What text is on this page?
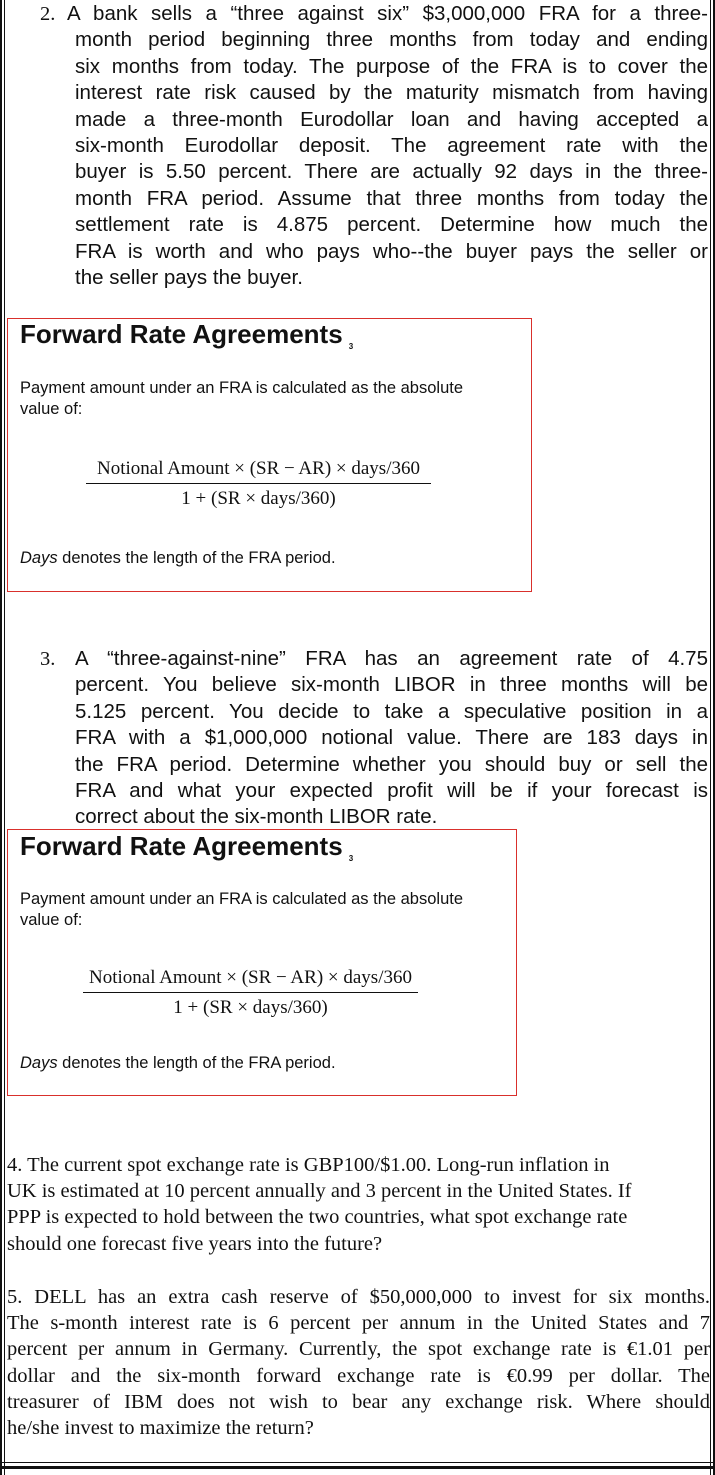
2. A bank sells a “three against six” $3,000,000 FRA for a three-
month period beginning three months from today and ending
six months from today. The purpose of the FRA is to cover the
interest rate risk caused by the maturity mismatch from having
made a three-month Eurodollar loan and having accepted a
six-month Eurodollar deposit. The agreement rate with the
buyer is 5.50 percent. There are actually 92 days in the three-
month FRA period. Assume that three months from today the
settlement rate is 4.875 percent. Determine how much the
FRA is worth and who pays who--the buyer pays the seller or
the seller pays the buyer.
Forward Rate Agreements $_3$
Payment amount under an FRA is calculated as the absolute
value of:
Notional Amount × (SR − AR) × days/360
1 + (SR × days/360)
Days denotes the length of the FRA period.
3. A “three-against-nine” FRA has an agreement rate of 4.75
percent. You believe six-month LIBOR in three months will be
5.125 percent. You decide to take a speculative position in a
FRA with a $1,000,000 notional value. There are 183 days in
the FRA period. Determine whether you should buy or sell the
FRA and what your expected profit will be if your forecast is
correct about the six-month LIBOR rate.
Forward Rate Agreements $_3$
Payment amount under an FRA is calculated as the absolute
value of:
Notional Amount × (SR − AR) × days/360
1 + (SR × days/360)
Days denotes the length of the FRA period.
4. The current spot exchange rate is GBP100/$1.00. Long-run inflation in
UK is estimated at 10 percent annually and 3 percent in the United States. If
PPP is expected to hold between the two countries, what spot exchange rate
should one forecast five years into the future?
5. DELL has an extra cash reserve of $50,000,000 to invest for six months.
The s-month interest rate is 6 percent per annum in the United States and 7
percent per annum in Germany. Currently, the spot exchange rate is €1.01 per
dollar and the six-month forward exchange rate is €0.99 per dollar. The
treasurer of IBM does not wish to bear any exchange risk. Where should
he/she invest to maximize the return?
